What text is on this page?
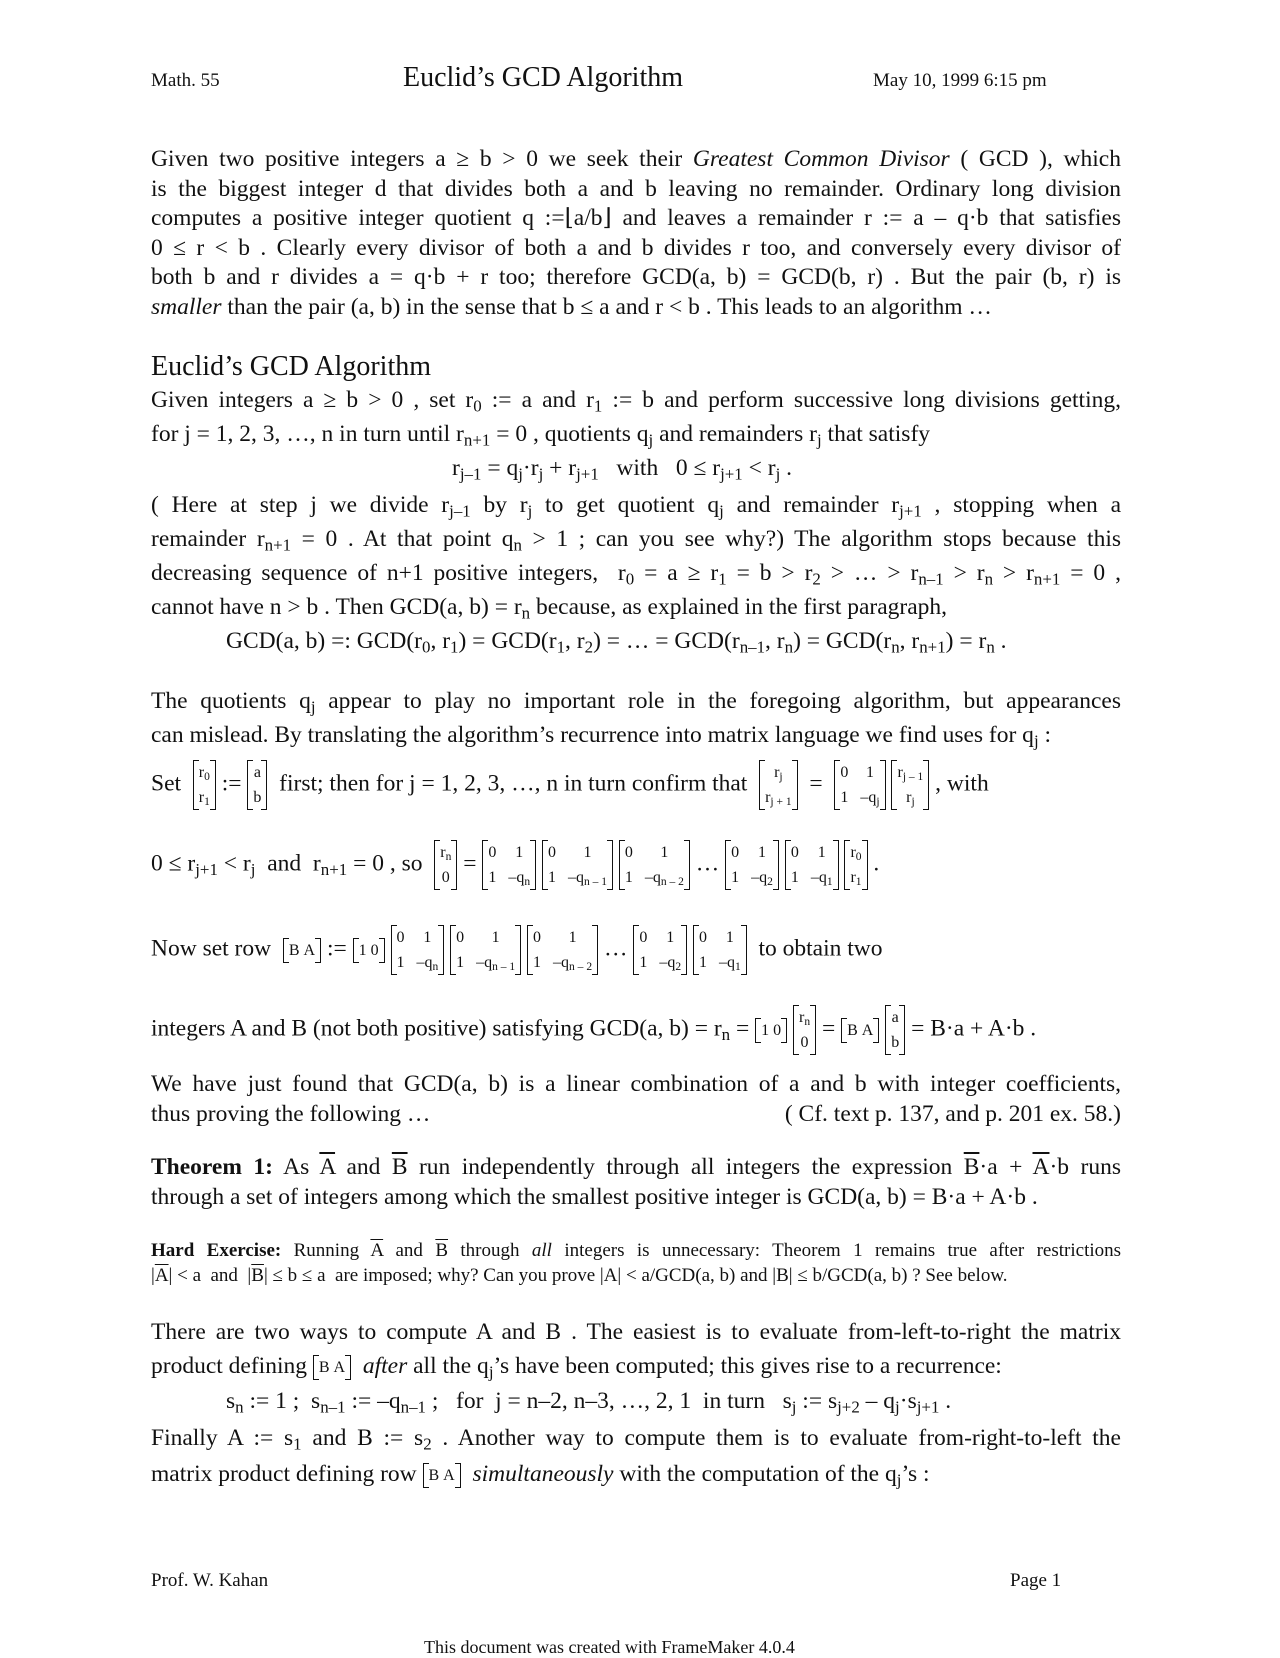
Math. 55	Euclid’s GCD Algorithm	May 10, 1999 6:15 pm
Given two positive integers a ≥ b > 0 we seek their Greatest Common Divisor ( GCD ), which
is the biggest integer d that divides both a and b leaving no remainder. Ordinary long division
computes a positive integer quotient q :=⌊a/b⌋ and leaves a remainder r := a – q·b that satisfies
0 ≤ r < b . Clearly every divisor of both a and b divides r too, and conversely every divisor of
both b and r divides a = q·b + r too; therefore GCD(a, b) = GCD(b, r) . But the pair (b, r) is
smaller than the pair (a, b) in the sense that b ≤ a and r < b . This leads to an algorithm …
Euclid’s GCD Algorithm
Given integers a ≥ b > 0 , set $r_0$ := a and $r_1$ := b and perform successive long divisions getting,
for j = 1, 2, 3, …, n in turn until $r_{n+1} = 0$ , quotients $q_j$ and remainders $r_j$ that satisfy
$r_{j-1} = q_j\cdot r_j + r_{j+1}$ with   $0 \le r_{j+1} < r_j$ .
( Here at step j we divide $r_{j-1}$ by $r_j$ to get quotient $q_j$ and remainder $r_{j+1}$ , stopping when a
remainder $r_{n+1} = 0$ . At that point $q_n > 1$ ; can you see why?) The algorithm stops because this
decreasing sequence of n+1 positive integers,  $r_0 = a \ge r_1 = b > r_2$ > … > $r_{n-1} > r_n > r_{n+1} = 0$ ,
cannot have n > b . Then GCD(a, $b) = r_n$ because, as explained in the first paragraph,
GCD(a, b) =: $GCD(r_0$, $r_1) = GCD(r_1$, $r_2$) = … = $GCD(r_{n-1}$, $r_n) = GCD(r_n$, $r_{n+1}) = r_n$ .
The quotients $q_j$ appear to play no important role in the foregoing algorithm, but appearances
can mislead. By translating the algorithm’s recurrence into matrix language we find uses for $q_j$ :
Set $r_0$
$r_1$
:= a
b
first; then for j = 1, 2, 3, …, n in turn confirm that $r_j$
$r_{j + 1}$
= 0	1
1	$-q_j$

$r_{j - 1}$
$r_j$
, with
$0 \le r_{j+1} < r_j$ and  $r_{n+1} = 0$ , so $r_n$
0
= 0	1
1	$-q_n$

0	1
1	$-q_{n - 1}$

0	1
1	$-q_{n - 2}$
… 0	1
1	$-q_2$

0	1
1	$-q_1$

$r_0$
$r_1$
.
Now set row B A := 1 0

0	1
1	$-q_n$

0	1
1	$-q_{n - 1}$

0	1
1	$-q_{n - 2}$
… 0	1
1	$-q_2$

0	1
1	$-q_1$
to obtain two
integers A and B (not both positive) satisfying GCD(a, $b) = r_n = 1$ 0

$r_n$
0
= B A

a
b
= B·a + A·b .
We have just found that GCD(a, b) is a linear combination of a and b with integer coefficients,
thus proving the following …	( Cf. text p. 137, and p. 201 ex. 58.)
Theorem 1: As $\overline{A}$ and $\overline{B}$ run independently through all integers the expression $\overline{B}\cdot a + \overline{A}\cdot b$ runs
through a set of integers among which the smallest positive integer is GCD(a, b) = B·a + A·b .
Hard Exercise: Running $\overline{A}$ and $\overline{B}$ through all integers is unnecessary: Theorem 1 remains true after restrictions
$|\overline{A}| < a$  and  $|\overline{B}| \le b \le a$  are imposed; why? Can you prove |A| < a/GCD(a, b) and |B| ≤ b/GCD(a, b) ? See below.
There are two ways to compute A and B . The easiest is to evaluate from-left-to-right the matrix
product defining B A after all the $q_j’s$ have been computed; this gives rise to a recurrence:
$s_n$ := 1 ;  $s_{n-1}$ := $-q_{n-1}$ ;   for  j = n–2, n–3, …, 2, 1  in turn   $s_j$ := $s_{j+2} - q_j\cdot s_{j+1}$ .
Finally A := $s_1$ and B := $s_2$ . Another way to compute them is to evaluate from-right-to-left the
matrix product defining row B A simultaneously with the computation of the $q_j’s$ :
Prof. W. Kahan	Page 1
This document was created with FrameMaker 4.0.4
